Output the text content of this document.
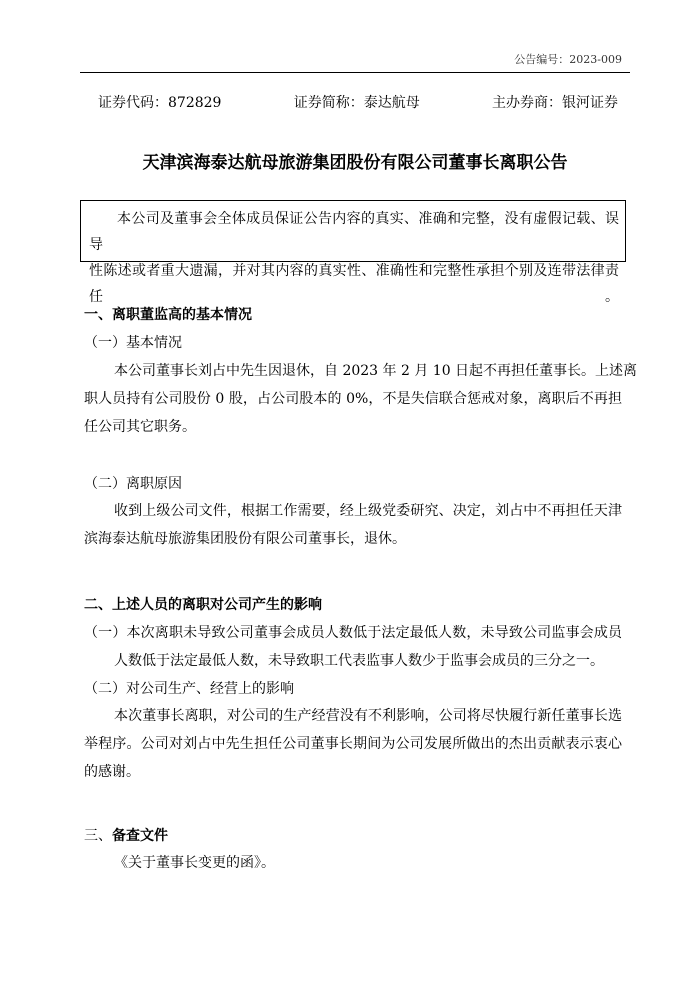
公告编号：2023-009
证券代码：872829	证券简称：泰达航母	主办券商：银河证券
天津滨海泰达航母旅游集团股份有限公司董事长离职公告
本公司及董事会全体成员保证公告内容的真实、准确和完整，没有虚假记载、误导
性陈述或者重大遗漏，并对其内容的真实性、准确性和完整性承担个别及连带法律责任。
一、离职董监高的基本情况
（一）基本情况
本公司董事长刘占中先生因退休，自 2023 年 2 月 10 日起不再担任董事长。上述离
职人员持有公司股份 0 股，占公司股本的 0%，不是失信联合惩戒对象，离职后不再担
任公司其它职务。
（二）离职原因
收到上级公司文件，根据工作需要，经上级党委研究、决定，刘占中不再担任天津
滨海泰达航母旅游集团股份有限公司董事长，退休。
二、上述人员的离职对公司产生的影响
（一）本次离职未导致公司董事会成员人数低于法定最低人数，未导致公司监事会成员
人数低于法定最低人数，未导致职工代表监事人数少于监事会成员的三分之一。
（二）对公司生产、经营上的影响
本次董事长离职，对公司的生产经营没有不利影响，公司将尽快履行新任董事长选
举程序。公司对刘占中先生担任公司董事长期间为公司发展所做出的杰出贡献表示衷心
的感谢。
三、备查文件
《关于董事长变更的函》。
